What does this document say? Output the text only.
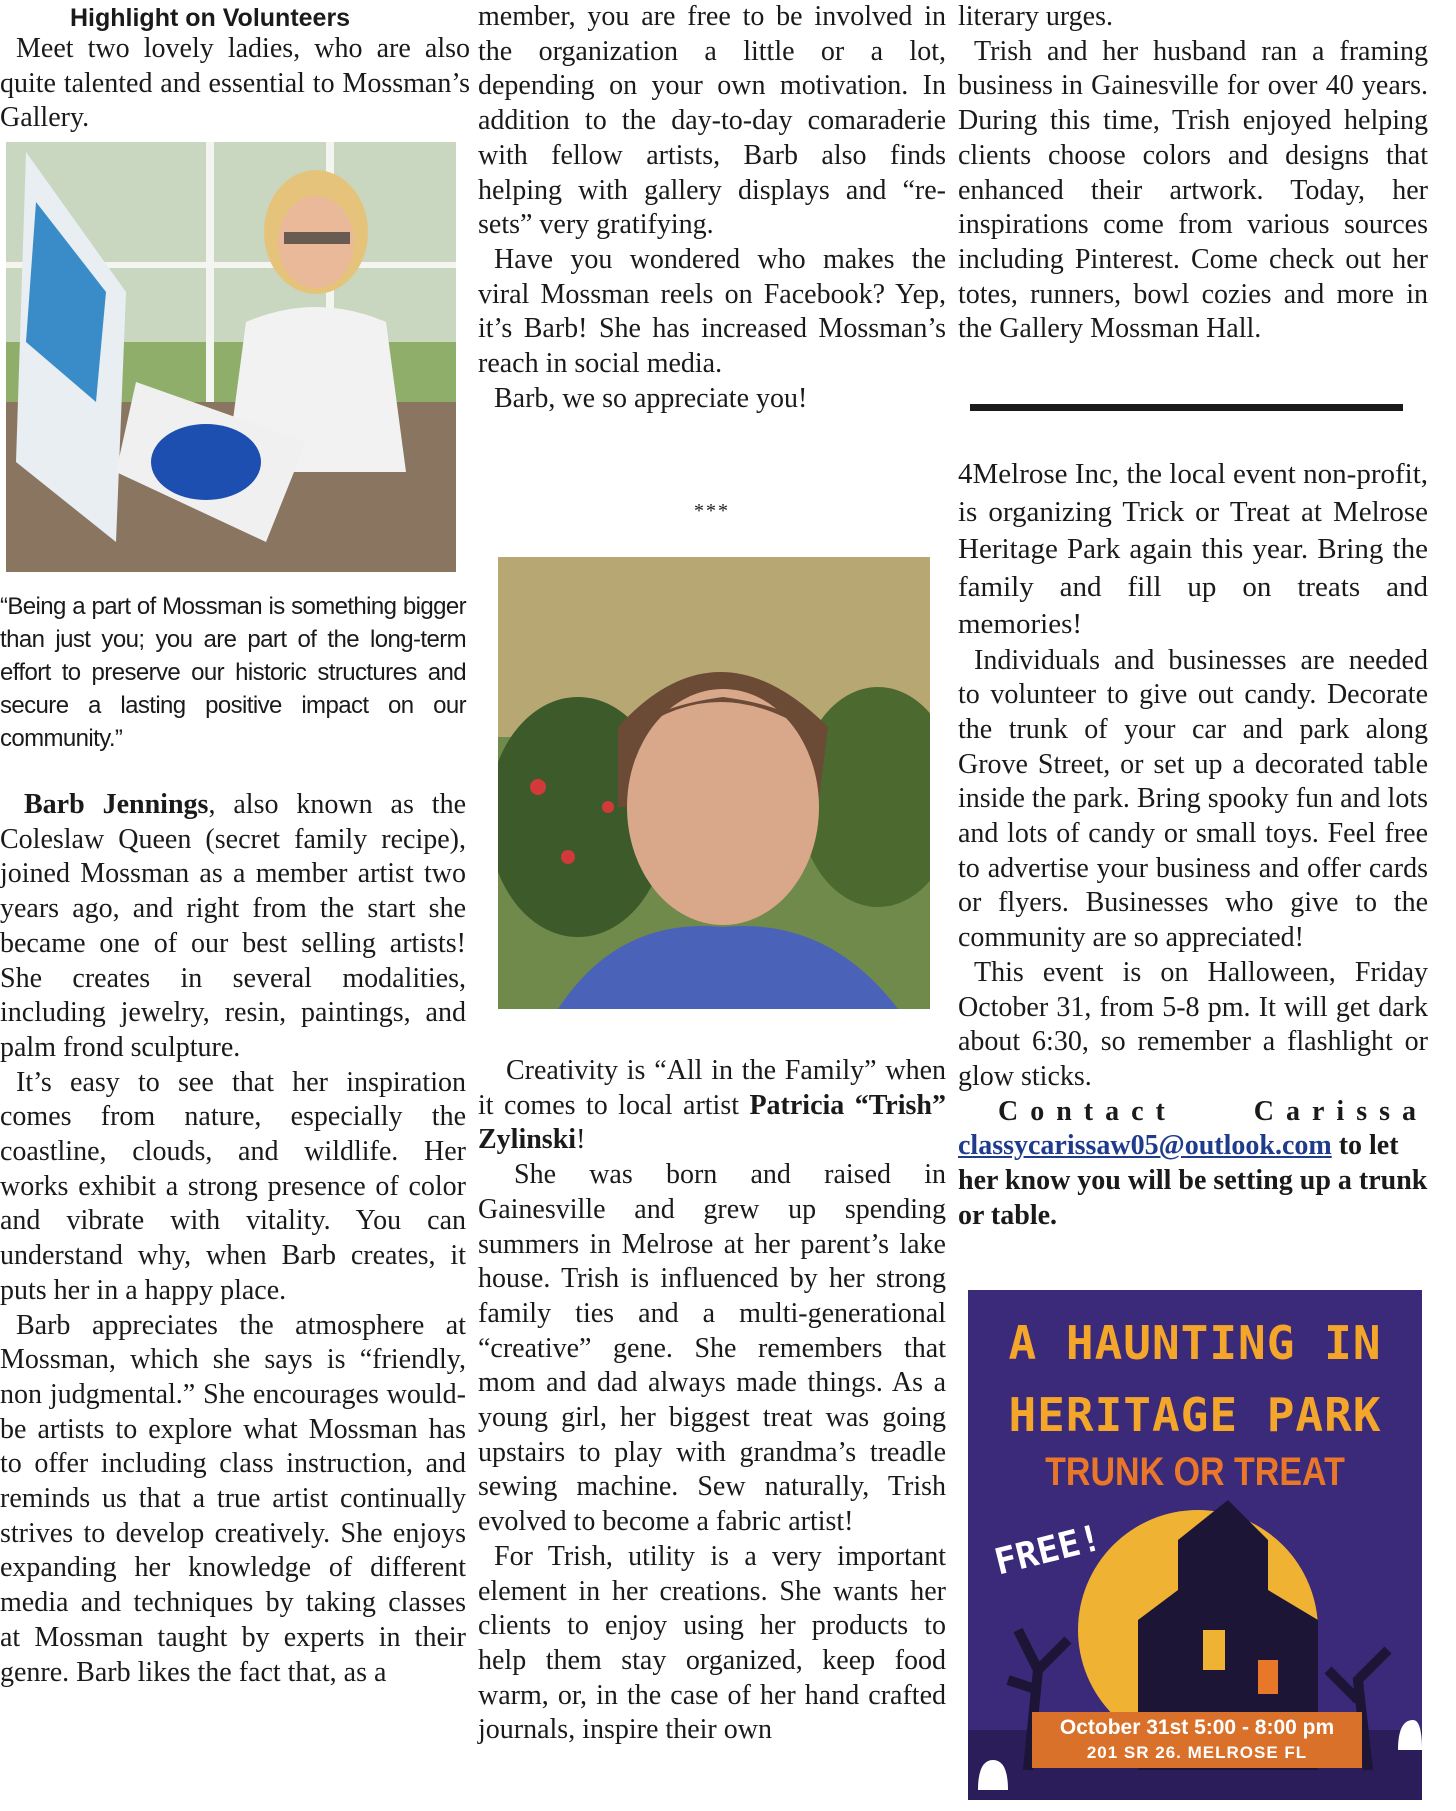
Highlight on Volunteers

Meet two lovely ladies, who are also quite talented and essential to Mossman’s Gallery.

“Being a part of Mossman is something bigger than just you; you are part of the long-term effort to preserve our historic structures and secure a lasting positive impact on our community.”

Barb Jennings, also known as the Coleslaw Queen (secret family recipe), joined Mossman as a member artist two years ago, and right from the start she became one of our best selling artists! She creates in several modalities, including jewelry, resin, paintings, and palm frond sculpture.

It’s easy to see that her inspiration comes from nature, especially the coastline, clouds, and wildlife. Her works exhibit a strong presence of color and vibrate with vitality. You can understand why, when Barb creates, it puts her in a happy place.

Barb appreciates the atmosphere at Mossman, which she says is “friendly, non judgmental.” She encourages would-be artists to explore what Mossman has to offer including class instruction, and reminds us that a true artist continually strives to develop creatively. She enjoys expanding her knowledge of different media and techniques by taking classes at Mossman taught by experts in their genre. Barb likes the fact that, as a

member, you are free to be involved in the organization a little or a lot, depending on your own motivation. In addition to the day-to-day comaraderie with fellow artists, Barb also finds helping with gallery displays and “re-sets” very gratifying.

Have you wondered who makes the viral Mossman reels on Facebook? Yep, it’s Barb! She has increased Mossman’s reach in social media.

Barb, we so appreciate you!

***

Creativity is “All in the Family” when it comes to local artist Patricia “Trish” Zylinski!

She was born and raised in Gainesville and grew up spending summers in Melrose at her parent’s lake house. Trish is influenced by her strong family ties and a multi-generational “creative” gene. She remembers that mom and dad always made things. As a young girl, her biggest treat was going upstairs to play with grandma’s treadle sewing machine. Sew naturally, Trish evolved to become a fabric artist!

For Trish, utility is a very important element in her creations. She wants her clients to enjoy using her products to help them stay organized, keep food warm, or, in the case of her hand crafted journals, inspire their own

literary urges.

Trish and her husband ran a framing business in Gainesville for over 40 years. During this time, Trish enjoyed helping clients choose colors and designs that enhanced their artwork. Today, her inspirations come from various sources including Pinterest. Come check out her totes, runners, bowl cozies and more in the Gallery Mossman Hall.

4Melrose Inc, the local event non-profit, is organizing Trick or Treat at Melrose Heritage Park again this year. Bring the family and fill up on treats and memories!

Individuals and businesses are needed to volunteer to give out candy. Decorate the trunk of your car and park along Grove Street, or set up a decorated table inside the park. Bring spooky fun and lots and lots of candy or small toys. Feel free to advertise your business and offer cards or flyers. Businesses who give to the community are so appreciated!

This event is on Halloween, Friday October 31, from 5-8 pm. It will get dark about 6:30, so remember a flashlight or glow sticks.

Contact Carissa
classycarissaw05@outlook.com to let her know you will be setting up a trunk or table.

A HAUNTING IN
HERITAGE PARK
TRUNK OR TREAT
FREE!
October 31st 5:00 - 8:00 pm
201 SR 26. MELROSE FL
